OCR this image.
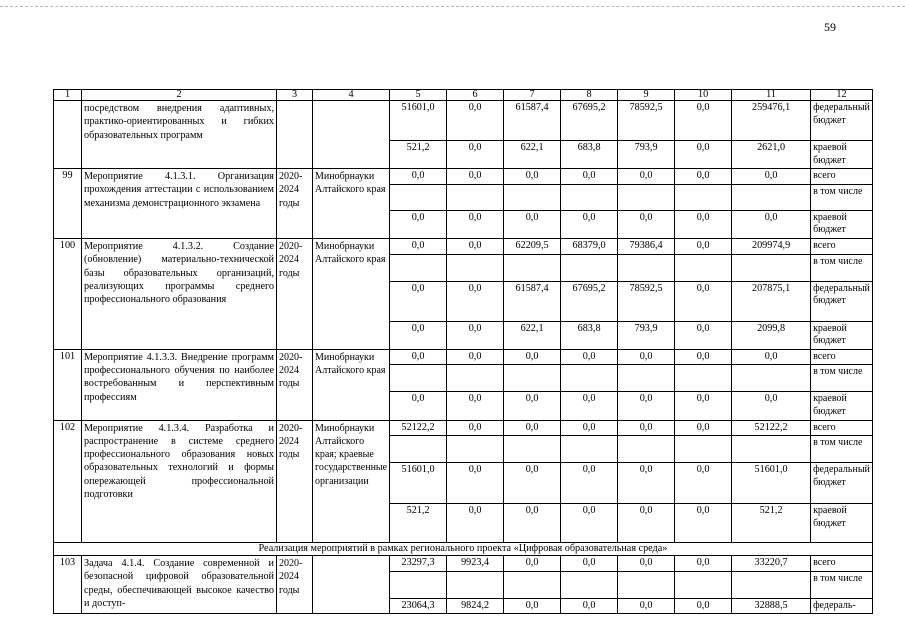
59
1	2	3	4	5	6	7	8	9	10	11	12
	посредством внедрения адаптивных, практико-ориентированных и гибких образовательных программ			51601,0	0,0	61587,4	67695,2	78592,5	0,0	259476,1	федеральный бюджет
				521,2	0,0	622,1	683,8	793,9	0,0	2621,0	краевой бюджет
99	Мероприятие 4.1.3.1. Организация прохождения аттестации с использованием механизма демонстрационного экзамена	2020-2024 годы	Минобрнауки Алтайского края	0,0	0,0	0,0	0,0	0,0	0,0	0,0	всего
											в том числе
				0,0	0,0	0,0	0,0	0,0	0,0	0,0	краевой бюджет
100	Мероприятие 4.1.3.2. Создание (обновление) материально-технической базы образовательных организаций, реализующих программы среднего профессионального образования	2020-2024 годы	Минобрнауки Алтайского края	0,0	0,0	62209,5	68379,0	79386,4	0,0	209974,9	всего
											в том числе
				0,0	0,0	61587,4	67695,2	78592,5	0,0	207875,1	федеральный бюджет
				0,0	0,0	622,1	683,8	793,9	0,0	2099,8	краевой бюджет
101	Мероприятие 4.1.3.3. Внедрение программ профессионального обучения по наиболее востребованным и перспективным профессиям	2020-2024 годы	Минобрнауки Алтайского края	0,0	0,0	0,0	0,0	0,0	0,0	0,0	всего
											в том числе
				0,0	0,0	0,0	0,0	0,0	0,0	0,0	краевой бюджет
102	Мероприятие 4.1.3.4. Разработка и распространение в системе среднего профессионального образования новых образовательных технологий и формы опережающей профессиональной подготовки	2020-2024 годы	Минобрнауки Алтайского края; краевые государственные организации	52122,2	0,0	0,0	0,0	0,0	0,0	52122,2	всего
											в том числе
				51601,0	0,0	0,0	0,0	0,0	0,0	51601,0	федеральный бюджет
				521,2	0,0	0,0	0,0	0,0	0,0	521,2	краевой бюджет
Реализация мероприятий в рамках регионального проекта «Цифровая образовательная среда»											
103	Задача 4.1.4. Создание современной и безопасной цифровой образовательной среды, обеспечивающей высокое качество и доступ-	2020-2024 годы		23297,3	9923,4	0,0	0,0	0,0	0,0	33220,7	всего
											в том числе
				23064,3	9824,2	0,0	0,0	0,0	0,0	32888,5	федераль-
